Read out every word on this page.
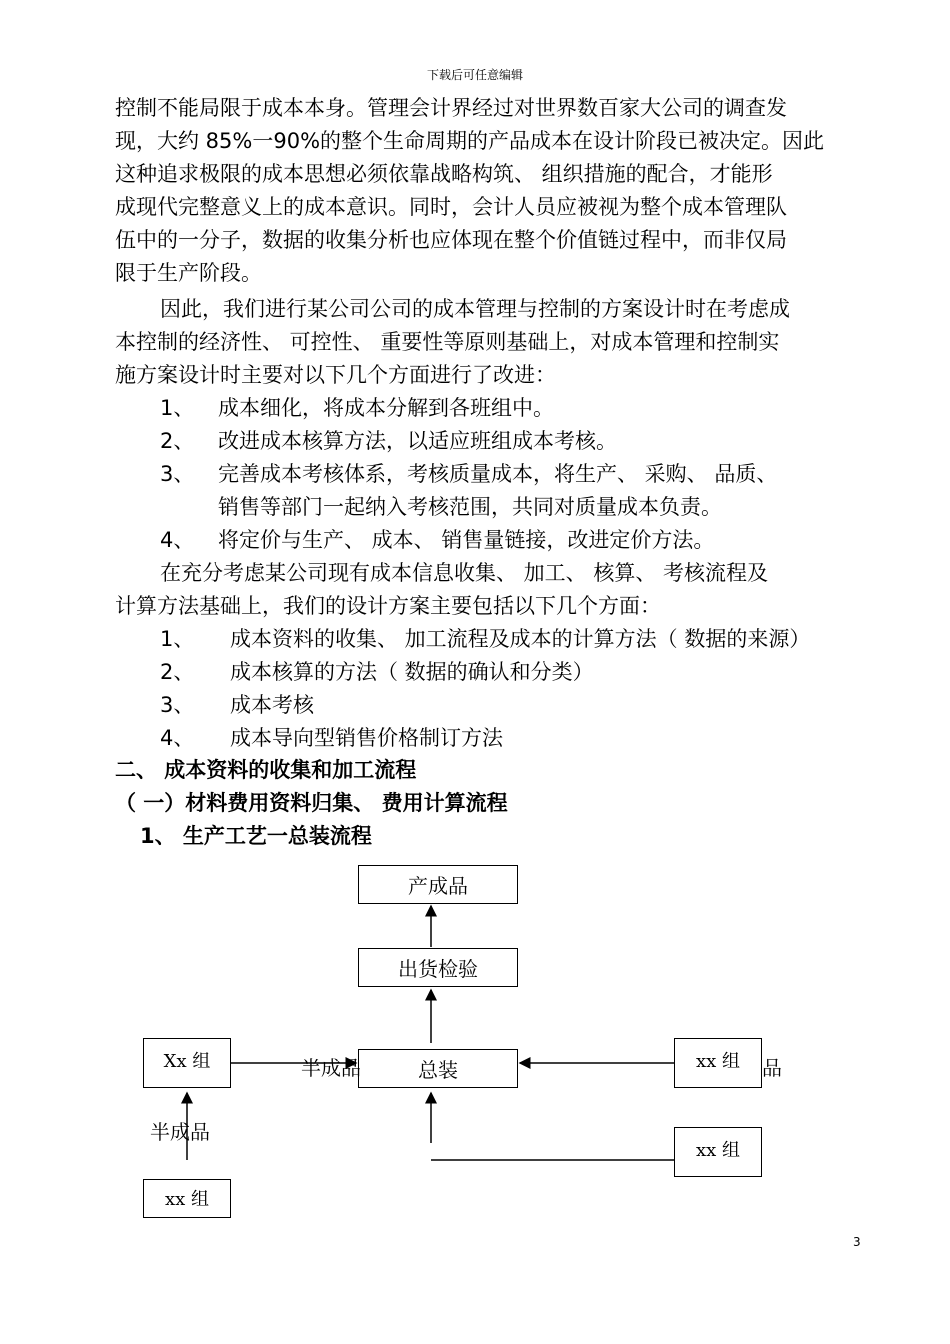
下载后可任意编辑
控制不能局限于成本本身。管理会计界经过对世界数百家大公司的调查发
现，大约 85%一90%的整个生命周期的产品成本在设计阶段已被决定。因此
这种追求极限的成本思想必须依靠战略构筑、 组织措施的配合，才能形
成现代完整意义上的成本意识。同时，会计人员应被视为整个成本管理队
伍中的一分子，数据的收集分析也应体现在整个价值链过程中，而非仅局
限于生产阶段。
因此，我们进行某公司公司的成本管理与控制的方案设计时在考虑成
本控制的经济性、 可控性、 重要性等原则基础上，对成本管理和控制实
施方案设计时主要对以下几个方面进行了改进：
1、 成本细化，将成本分解到各班组中。
2、 改进成本核算方法，以适应班组成本考核。
3、 完善成本考核体系，考核质量成本，将生产、 采购、 品质、
销售等部门一起纳入考核范围，共同对质量成本负责。
4、 将定价与生产、 成本、 销售量链接，改进定价方法。
在充分考虑某公司现有成本信息收集、 加工、 核算、 考核流程及
计算方法基础上，我们的设计方案主要包括以下几个方面：
1、 成本资料的收集、 加工流程及成本的计算方法（ 数据的来源）
2、 成本核算的方法（ 数据的确认和分类）
3、 成本考核
4、 成本导向型销售价格制订方法
二、 成本资料的收集和加工流程
（ 一）材料费用资料归集、 费用计算流程
1、 生产工艺一总装流程
产成品
出货检验
总装
Xx 组
xx 组
xx 组
xx 组
半成品
半成品
品
3
